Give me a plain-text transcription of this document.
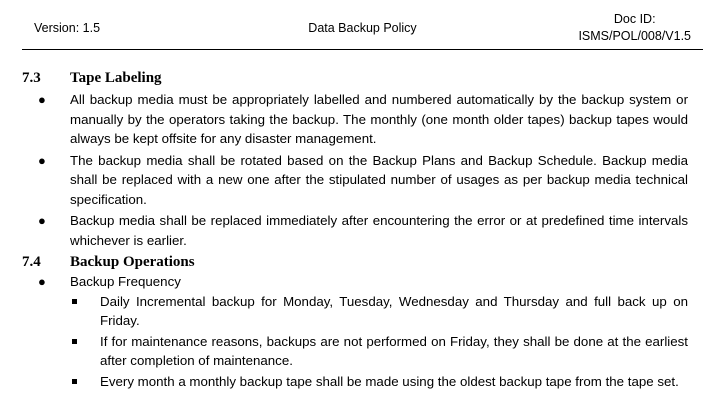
Version: 1.5	Data Backup Policy
Doc ID:
ISMS/POL/008/V1.5
7.3 Tape Labeling
● All backup media must be appropriately labelled and numbered automatically by the backup system or manually by the operators taking the backup. The monthly (one month older tapes) backup tapes would always be kept offsite for any disaster management.
● The backup media shall be rotated based on the Backup Plans and Backup Schedule. Backup media shall be replaced with a new one after the stipulated number of usages as per backup media technical specification.
● Backup media shall be replaced immediately after encountering the error or at predefined time intervals whichever is earlier.
7.4 Backup Operations
● Backup Frequency
Daily Incremental backup for Monday, Tuesday, Wednesday and Thursday and full back up on Friday.
If for maintenance reasons, backups are not performed on Friday, they shall be done at the earliest after completion of maintenance.
Every month a monthly backup tape shall be made using the oldest backup tape from the tape set.
